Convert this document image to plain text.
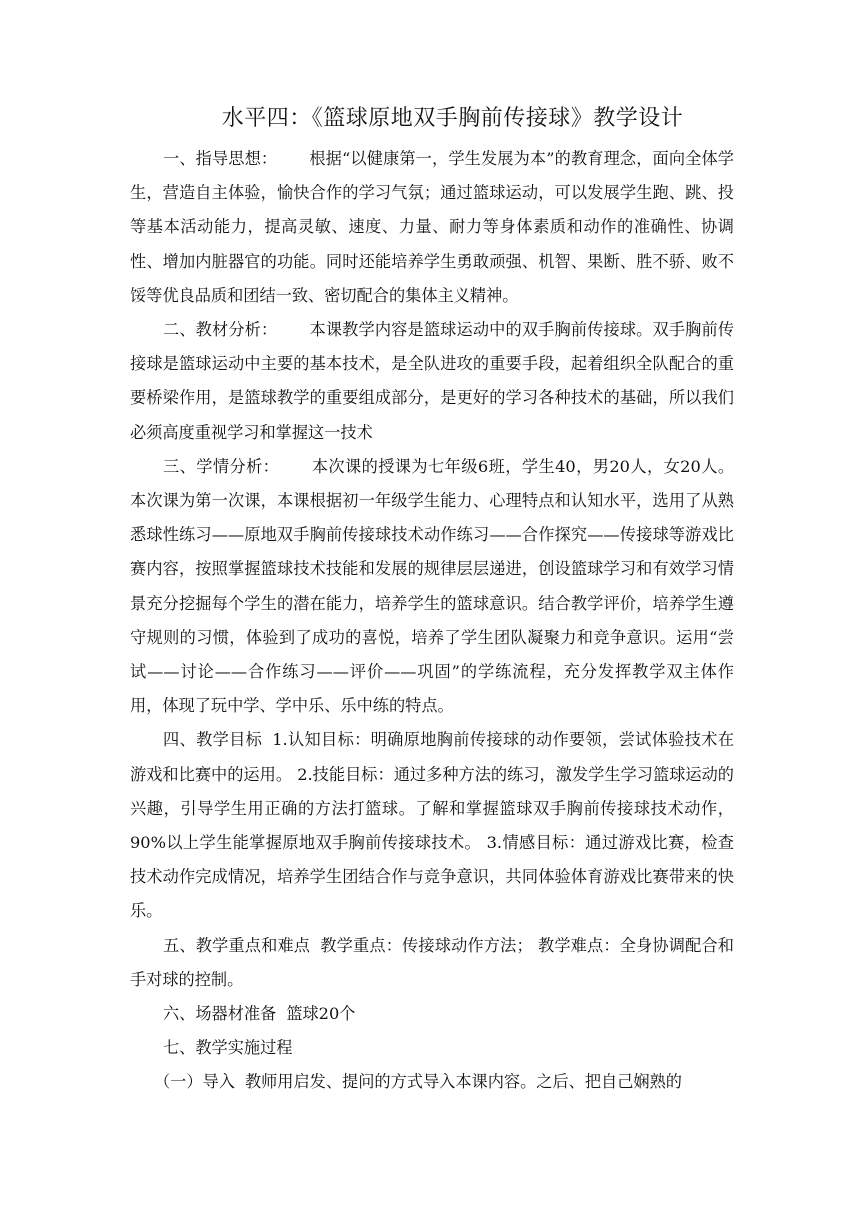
水平四：《篮球原地双手胸前传接球》教学设计

一、指导思想： 根据“以健康第一，学生发展为本”的教育理念，面向全体学生，营造自主体验，愉快合作的学习气氛；通过篮球运动，可以发展学生跑、跳、投等基本活动能力，提高灵敏、速度、力量、耐力等身体素质和动作的准确性、协调性、增加内脏器官的功能。同时还能培养学生勇敢顽强、机智、果断、胜不骄、败不馁等优良品质和团结一致、密切配合的集体主义精神。

二、教材分析： 本课教学内容是篮球运动中的双手胸前传接球。双手胸前传接球是篮球运动中主要的基本技术，是全队进攻的重要手段，起着组织全队配合的重要桥梁作用，是篮球教学的重要组成部分，是更好的学习各种技术的基础，所以我们必须高度重视学习和掌握这一技术

三、学情分析： 本次课的授课为七年级6班，学生40，男20人，女20人。本次课为第一次课，本课根据初一年级学生能力、心理特点和认知水平，选用了从熟悉球性练习——原地双手胸前传接球技术动作练习——合作探究——传接球等游戏比赛内容，按照掌握篮球技术技能和发展的规律层层递进，创设篮球学习和有效学习情景充分挖掘每个学生的潜在能力，培养学生的篮球意识。结合教学评价，培养学生遵守规则的习惯，体验到了成功的喜悦，培养了学生团队凝聚力和竞争意识。运用“尝试——讨论——合作练习——评价——巩固”的学练流程，充分发挥教学双主体作用，体现了玩中学、学中乐、乐中练的特点。

四、教学目标 1.认知目标：明确原地胸前传接球的动作要领，尝试体验技术在游戏和比赛中的运用。 2.技能目标：通过多种方法的练习，激发学生学习篮球运动的兴趣，引导学生用正确的方法打篮球。了解和掌握篮球双手胸前传接球技术动作，90%以上学生能掌握原地双手胸前传接球技术。 3.情感目标：通过游戏比赛，检查技术动作完成情况，培养学生团结合作与竞争意识，共同体验体育游戏比赛带来的快乐。

五、教学重点和难点 教学重点：传接球动作方法； 教学难点：全身协调配合和手对球的控制。

六、场器材准备 篮球20个

七、教学实施过程

（一）导入 教师用启发、提问的方式导入本课内容。之后、把自己娴熟的
